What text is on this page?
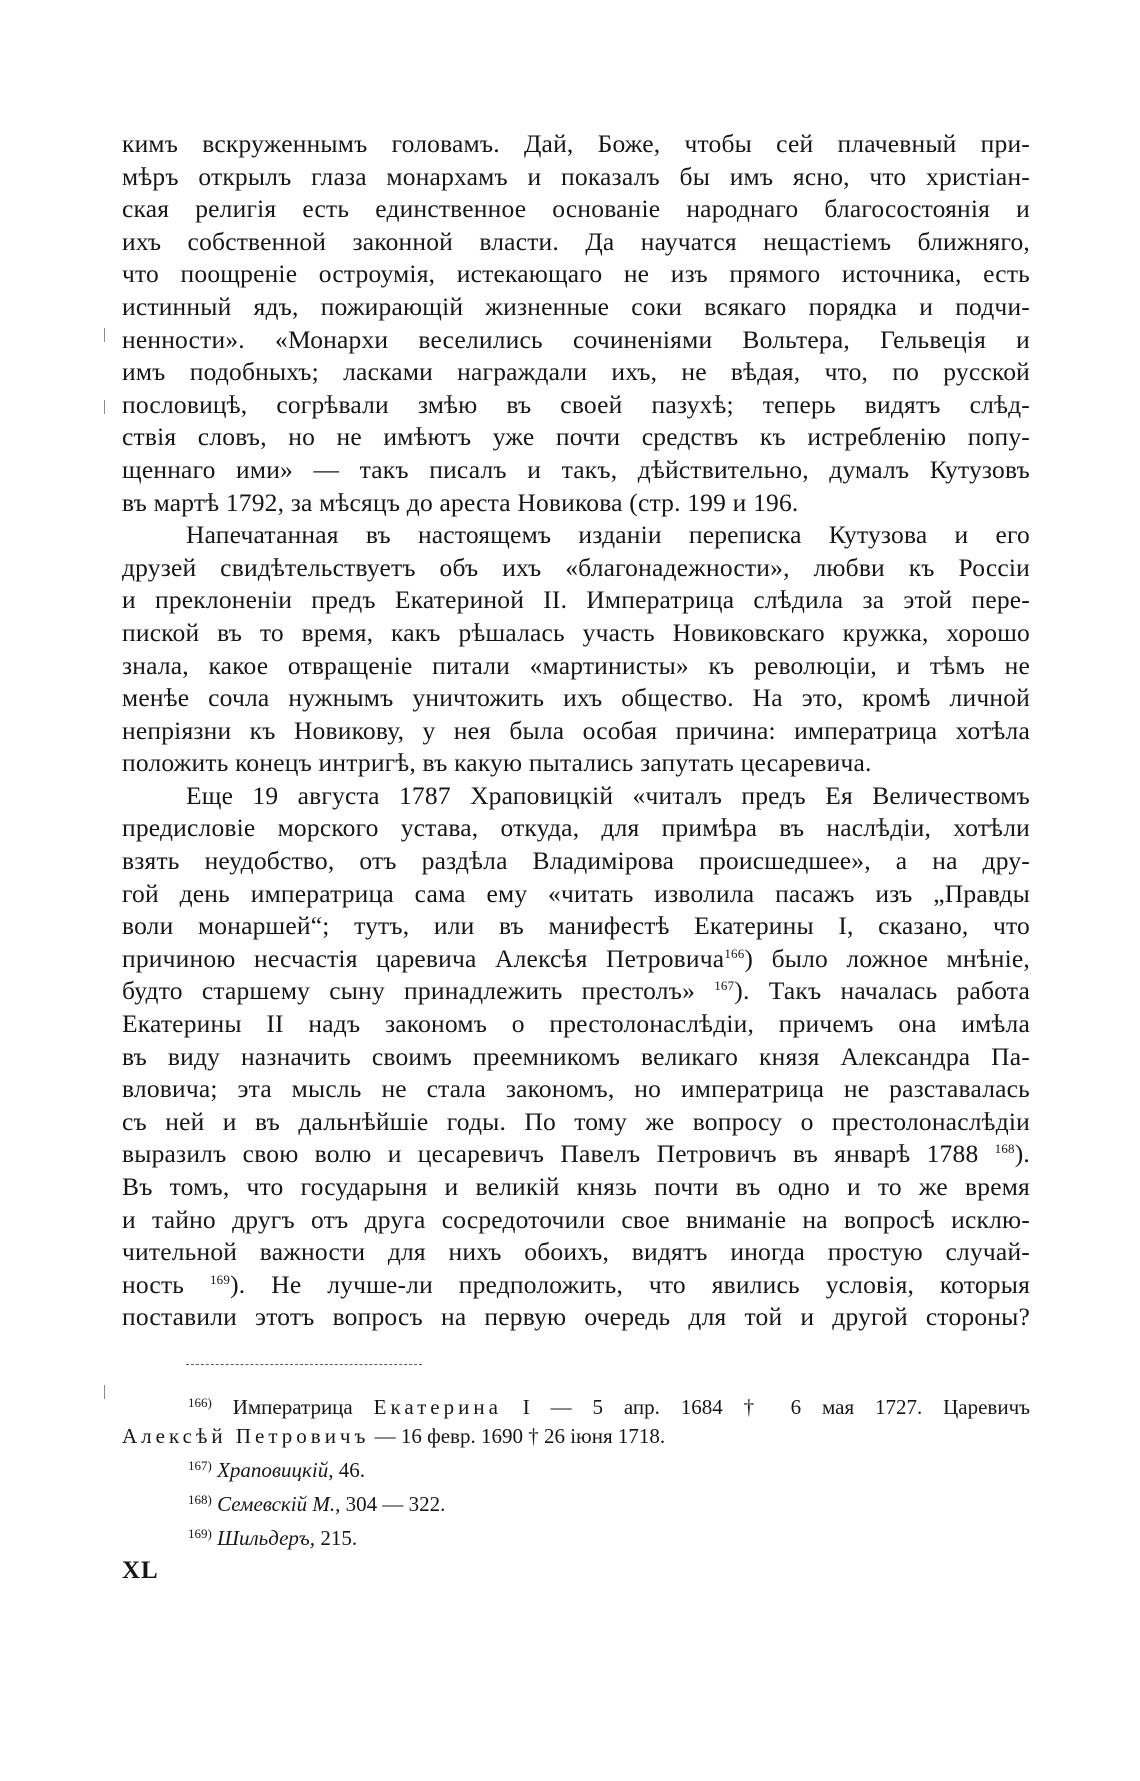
кимъ вскруженнымъ головамъ. Дай, Боже, чтобы сей плачевный при-
мѣръ открылъ глаза монархамъ и показалъ бы имъ ясно, что христіан-
ская религія есть единственное основаніе народнаго благосостоянія и
ихъ собственной законной власти. Да научатся нещастіемъ ближняго,
что поощреніе остроумія, истекающаго не изъ прямого источника, есть
истинный ядъ, пожирающій жизненные соки всякаго порядка и подчи-
ненности». «Монархи веселились сочиненіями Вольтера, Гельвеція и
имъ подобныхъ; ласками награждали ихъ, не вѣдая, что, по русской
пословицѣ, согрѣвали змѣю въ своей пазухѣ; теперь видятъ слѣд-
ствія словъ, но не имѣютъ уже почти средствъ къ истребленію попу-
щеннаго ими» — такъ писалъ и такъ, дѣйствительно, думалъ Кутузовъ
въ мартѣ 1792, за мѣсяцъ до ареста Новикова (стр. 199 и 196.
Напечатанная въ настоящемъ изданіи переписка Кутузова и его
друзей свидѣтельствуетъ объ ихъ «благонадежности», любви къ Россіи
и преклоненіи предъ Екатериной II. Императрица слѣдила за этой пере-
пиской въ то время, какъ рѣшалась участь Новиковскаго кружка, хорошо
знала, какое отвращеніе питали «мартинисты» къ революціи, и тѣмъ не
менѣе сочла нужнымъ уничтожить ихъ общество. На это, кромѣ личной
непріязни къ Новикову, у нея была особая причина: императрица хотѣла
положить конецъ интригѣ, въ какую пытались запутать цесаревича.
Еще 19 августа 1787 Храповицкій «читалъ предъ Ея Величествомъ
предисловіе морского устава, откуда, для примѣра въ наслѣдіи, хотѣли
взять неудобство, отъ раздѣла Владимірова происшедшее», а на дру-
гой день императрица сама ему «читать изволила пасажъ изъ „Правды
воли монаршей“; тутъ, или въ манифестѣ Екатерины I, сказано, что
причиною несчастія царевича Алексѣя Петровича$^{166}$) было ложное мнѣніе,
будто старшему сыну принадлежить престолъ» $^{167}$). Такъ началась работа
Екатерины II надъ закономъ о престолонаслѣдіи, причемъ она имѣла
въ виду назначить своимъ преемникомъ великаго князя Александра Па-
вловича; эта мысль не стала закономъ, но императрица не разставалась
съ ней и въ дальнѣйшіе годы. По тому же вопросу о престолонаслѣдіи
выразилъ свою волю и цесаревичъ Павелъ Петровичъ въ январѣ 1788 $^{168}$).
Въ томъ, что государыня и великій князь почти въ одно и то же время
и тайно другъ отъ друга сосредоточили свое вниманіе на вопросѣ исклю-
чительной важности для нихъ обоихъ, видятъ иногда простую случай-
ность $^{169}$). Не лучше-ли предположить, что явились условія, которыя
поставили этотъ вопросъ на первую очередь для той и другой стороны?
$^{166)}$ Императрица Екатерина I — 5 апр. 1684 † 6 мая 1727. Царевичъ
Алексѣй Петровичъ — 16 февр. 1690 † 26 іюня 1718.
$^{167)}$ Храповицкій, 46.
$^{168)}$ Семевскій М., 304 — 322.
$^{169)}$ Шильдеръ, 215.
XL
